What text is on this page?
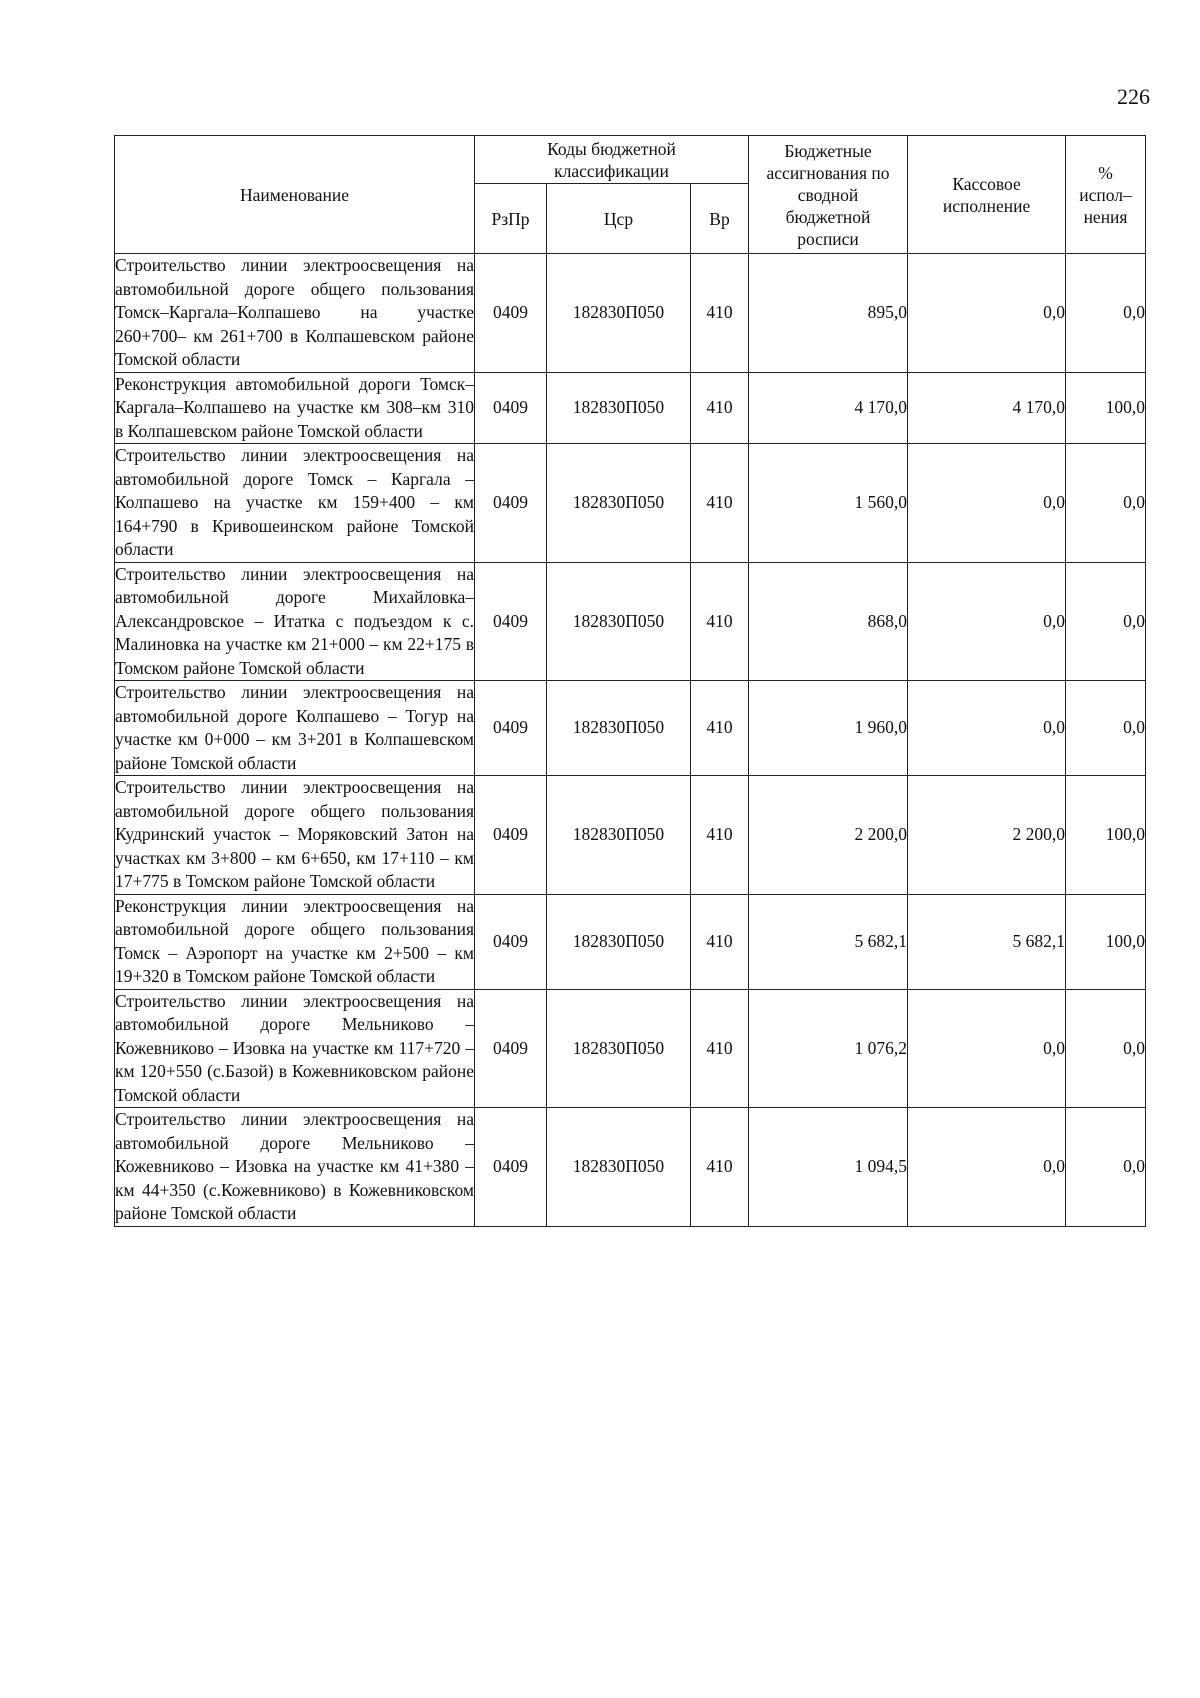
226
Наименование	Коды бюджетной классификации			Бюджетные ассигнования по сводной бюджетной росписи	Кассовое исполнение	% испол– нения
	РзПр	Цср	Вр			
Строительство линии электроосвещения на автомобильной дороге общего пользования Томск–Каргала–Колпашево на участке 260+700– км 261+700 в Колпашевском районе Томской области	0409	182830П050	410	895,0	0,0	0,0
Реконструкция автомобильной дороги Томск–Каргала–Колпашево на участке км 308–км 310 в Колпашевском районе Томской области	0409	182830П050	410	4 170,0	4 170,0	100,0
Строительство линии электроосвещения на автомобильной дороге Томск – Каргала – Колпашево на участке км 159+400 – км 164+790 в Кривошеинском районе Томской области	0409	182830П050	410	1 560,0	0,0	0,0
Строительство линии электроосвещения на автомобильной дороге Михайловка– Александровское – Итатка с подъездом к с. Малиновка на участке км 21+000 – км 22+175 в Томском районе Томской области	0409	182830П050	410	868,0	0,0	0,0
Строительство линии электроосвещения на автомобильной дороге Колпашево – Тогур на участке км 0+000 – км 3+201 в Колпашевском районе Томской области	0409	182830П050	410	1 960,0	0,0	0,0
Строительство линии электроосвещения на автомобильной дороге общего пользования Кудринский участок – Моряковский Затон на участках км 3+800 – км 6+650, км 17+110 – км 17+775 в Томском районе Томской области	0409	182830П050	410	2 200,0	2 200,0	100,0
Реконструкция линии электроосвещения на автомобильной дороге общего пользования Томск – Аэропорт на участке км 2+500 – км 19+320 в Томском районе Томской области	0409	182830П050	410	5 682,1	5 682,1	100,0
Строительство линии электроосвещения на автомобильной дороге Мельниково – Кожевниково – Изовка на участке км 117+720 – км 120+550 (с.Базой) в Кожевниковском районе Томской области	0409	182830П050	410	1 076,2	0,0	0,0
Строительство линии электроосвещения на автомобильной дороге Мельниково – Кожевниково – Изовка на участке км 41+380 – км 44+350 (с.Кожевниково) в Кожевниковском районе Томской области	0409	182830П050	410	1 094,5	0,0	0,0
